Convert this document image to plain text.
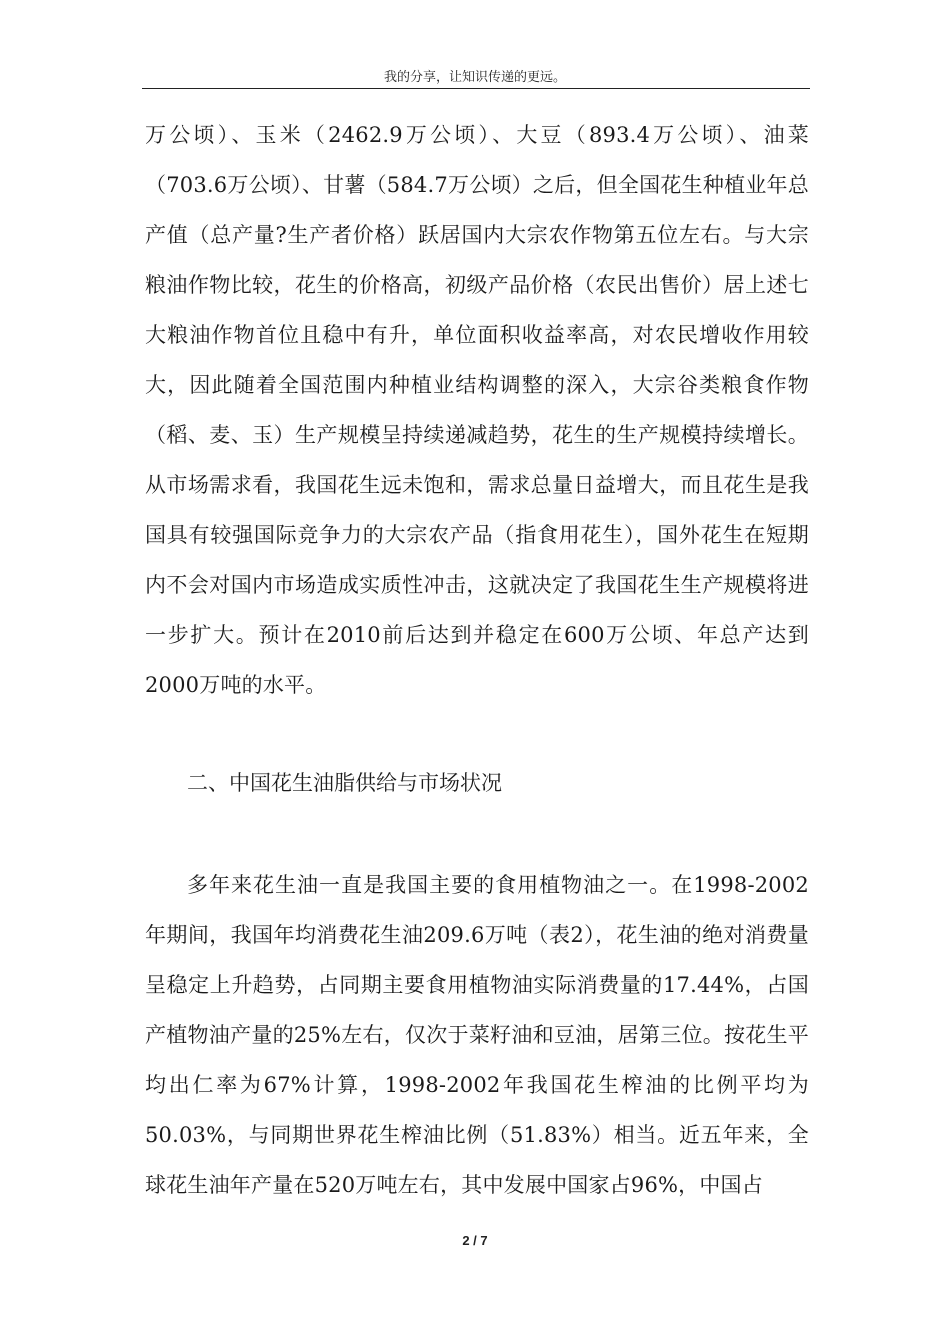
我的分享，让知识传递的更远。
万公顷）、玉米（2462.9万公顷）、大豆（893.4万公顷）、油菜（703.6万公顷）、甘薯（584.7万公顷）之后，但全国花生种植业年总产值（总产量?生产者价格）跃居国内大宗农作物第五位左右。与大宗粮油作物比较，花生的价格高，初级产品价格（农民出售价）居上述七大粮油作物首位且稳中有升，单位面积收益率高，对农民增收作用较大，因此随着全国范围内种植业结构调整的深入，大宗谷类粮食作物（稻、麦、玉）生产规模呈持续递减趋势，花生的生产规模持续增长。从市场需求看，我国花生远未饱和，需求总量日益增大，而且花生是我国具有较强国际竞争力的大宗农产品（指食用花生），国外花生在短期内不会对国内市场造成实质性冲击，这就决定了我国花生生产规模将进一步扩大。预计在2010前后达到并稳定在600万公顷、年总产达到2000万吨的水平。
二、中国花生油脂供给与市场状况
多年来花生油一直是我国主要的食用植物油之一。在1998-2002年期间，我国年均消费花生油209.6万吨（表2），花生油的绝对消费量呈稳定上升趋势，占同期主要食用植物油实际消费量的17.44%，占国产植物油产量的25%左右，仅次于菜籽油和豆油，居第三位。按花生平均出仁率为67%计算，1998-2002年我国花生榨油的比例平均为50.03%，与同期世界花生榨油比例（51.83%）相当。近五年来，全球花生油年产量在520万吨左右，其中发展中国家占96%，中国占
2 / 7
